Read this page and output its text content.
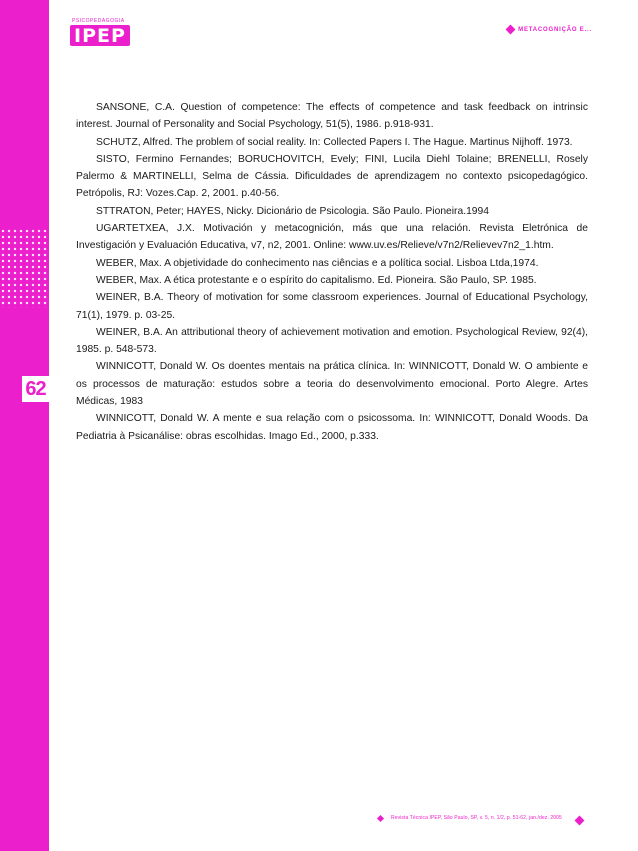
62
PSICOPEDAGOGIA
IPEP	METACOGNIÇÃO E...

SANSONE, C.A. Question of competence: The effects of competence and task feedback on intrinsic interest. Journal of Personality and Social Psychology, 51(5), 1986. p.918-931.

SCHUTZ, Alfred. The problem of social reality. In: Collected Papers I. The Hague. Martinus Nijhoff. 1973.

SISTO, Fermino Fernandes; BORUCHOVITCH, Evely; FINI, Lucila Diehl Tolaine; BRENELLI, Rosely Palermo & MARTINELLI, Selma de Cássia. Dificuldades de aprendizagem no contexto psicopedagógico. Petrópolis, RJ: Vozes.Cap. 2, 2001. p.40-56.

STTRATON, Peter; HAYES, Nicky. Dicionário de Psicologia. São Paulo. Pioneira.1994

UGARTETXEA, J.X. Motivación y metacognición, más que una relación. Revista Eletrónica de Investigación y Evaluación Educativa, v7, n2, 2001. Online: www.uv.es/Relieve/v7n2/Relievev7n2_1.htm.

WEBER, Max. A objetividade do conhecimento nas ciências e a política social. Lisboa Ltda,1974.

WEBER, Max. A ética protestante e o espírito do capitalismo. Ed. Pioneira. São Paulo, SP. 1985.

WEINER, B.A. Theory of motivation for some classroom experiences. Journal of Educational Psychology, 71(1), 1979. p. 03-25.

WEINER, B.A. An attributional theory of achievement motivation and emotion. Psychological Review, 92(4), 1985. p. 548-573.

WINNICOTT, Donald W. Os doentes mentais na prática clínica. In: WINNICOTT, Donald W. O ambiente e os processos de maturação: estudos sobre a teoria do desenvolvimento emocional. Porto Alegre. Artes Médicas, 1983

WINNICOTT, Donald W. A mente e sua relação com o psicossoma. In: WINNICOTT, Donald Woods. Da Pediatria à Psicanálise: obras escolhidas. Imago Ed., 2000, p.333.

Revista Técnica IPEP, São Paulo, SP, v. 5, n. 1/2, p. 51-62, jan./dez. 2005
